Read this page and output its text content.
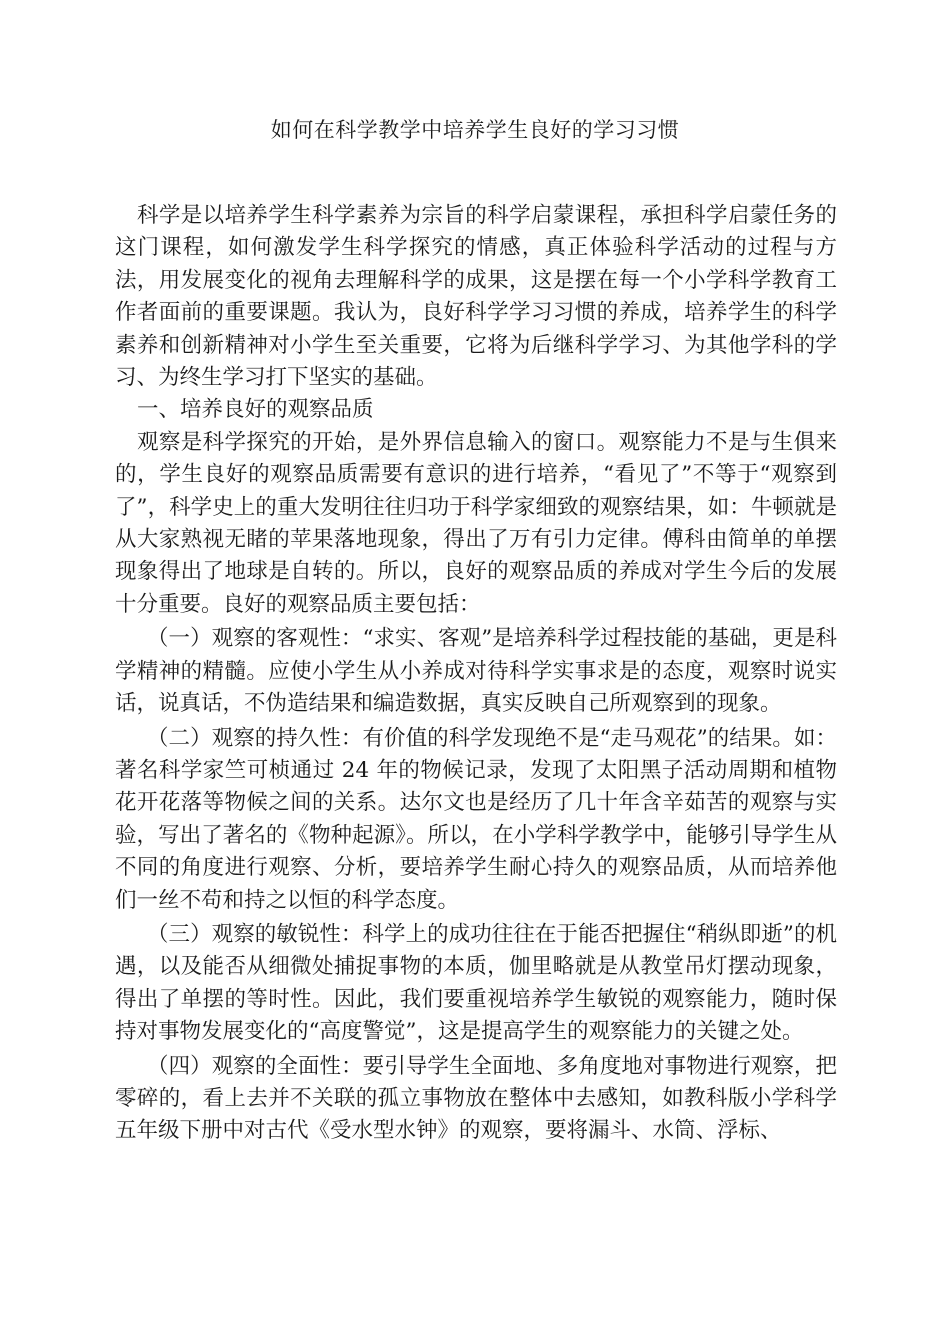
如何在科学教学中培养学生良好的学习习惯

科学是以培养学生科学素养为宗旨的科学启蒙课程，承担科学启蒙任务的这门课程，如何激发学生科学探究的情感，真正体验科学活动的过程与方法，用发展变化的视角去理解科学的成果，这是摆在每一个小学科学教育工作者面前的重要课题。我认为，良好科学学习习惯的养成，培养学生的科学素养和创新精神对小学生至关重要，它将为后继科学学习、为其他学科的学习、为终生学习打下坚实的基础。

一、培养良好的观察品质

观察是科学探究的开始，是外界信息输入的窗口。观察能力不是与生俱来的，学生良好的观察品质需要有意识的进行培养，“看见了”不等于“观察到了”，科学史上的重大发明往往归功于科学家细致的观察结果，如：牛顿就是从大家熟视无睹的苹果落地现象，得出了万有引力定律。傅科由简单的单摆现象得出了地球是自转的。所以，良好的观察品质的养成对学生今后的发展十分重要。良好的观察品质主要包括：

（一）观察的客观性：“求实、客观”是培养科学过程技能的基础，更是科学精神的精髓。应使小学生从小养成对待科学实事求是的态度，观察时说实话，说真话，不伪造结果和编造数据，真实反映自己所观察到的现象。

（二）观察的持久性：有价值的科学发现绝不是“走马观花”的结果。如：著名科学家竺可桢通过 24 年的物候记录，发现了太阳黑子活动周期和植物花开花落等物候之间的关系。达尔文也是经历了几十年含辛茹苦的观察与实验，写出了著名的《物种起源》。所以，在小学科学教学中，能够引导学生从不同的角度进行观察、分析，要培养学生耐心持久的观察品质，从而培养他们一丝不苟和持之以恒的科学态度。

（三）观察的敏锐性：科学上的成功往往在于能否把握住“稍纵即逝”的机遇，以及能否从细微处捕捉事物的本质，伽里略就是从教堂吊灯摆动现象，得出了单摆的等时性。因此，我们要重视培养学生敏锐的观察能力，随时保持对事物发展变化的“高度警觉”，这是提高学生的观察能力的关键之处。

（四）观察的全面性：要引导学生全面地、多角度地对事物进行观察，把零碎的，看上去并不关联的孤立事物放在整体中去感知，如教科版小学科学五年级下册中对古代《受水型水钟》的观察，要将漏斗、水筒、浮标、
